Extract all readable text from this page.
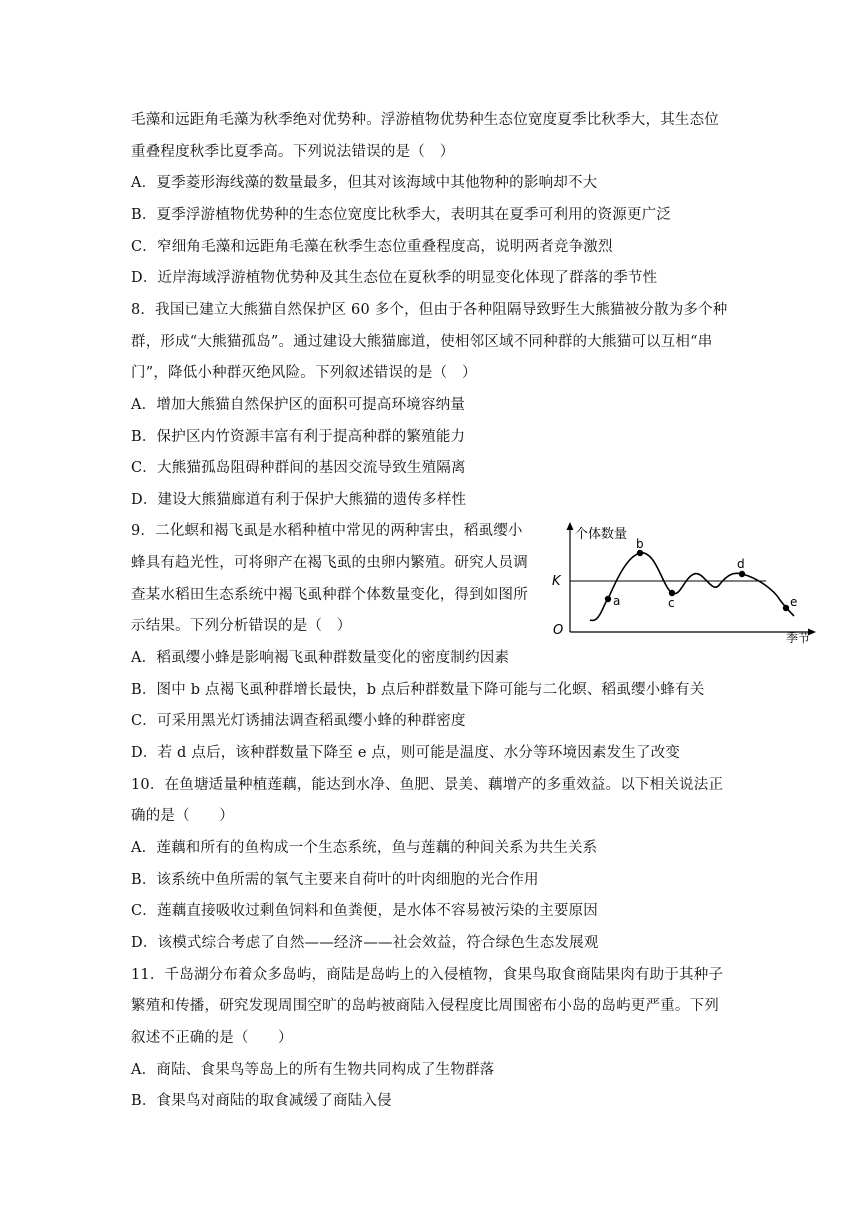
毛藻和远距角毛藻为秋季绝对优势种。浮游植物优势种生态位宽度夏季比秋季大，其生态位
重叠程度秋季比夏季高。下列说法错误的是（　）
A．夏季菱形海线藻的数量最多，但其对该海域中其他物种的影响却不大
B．夏季浮游植物优势种的生态位宽度比秋季大，表明其在夏季可利用的资源更广泛
C．窄细角毛藻和远距角毛藻在秋季生态位重叠程度高，说明两者竞争激烈
D．近岸海域浮游植物优势种及其生态位在夏秋季的明显变化体现了群落的季节性
8．我国已建立大熊猫自然保护区 60 多个，但由于各种阻隔导致野生大熊猫被分散为多个种
群，形成“大熊猫孤岛”。通过建设大熊猫廊道，使相邻区域不同种群的大熊猫可以互相“串
门”，降低小种群灭绝风险。下列叙述错误的是（　）
A．增加大熊猫自然保护区的面积可提高环境容纳量
B．保护区内竹资源丰富有利于提高种群的繁殖能力
C．大熊猫孤岛阻碍种群间的基因交流导致生殖隔离
D．建设大熊猫廊道有利于保护大熊猫的遗传多样性
9．二化螟和褐飞虱是水稻种植中常见的两种害虫，稻虱缨小
蜂具有趋光性，可将卵产在褐飞虱的虫卵内繁殖。研究人员调
查某水稻田生态系统中褐飞虱种群个体数量变化，得到如图所
示结果。下列分析错误的是（　）
A．稻虱缨小蜂是影响褐飞虱种群数量变化的密度制约因素
B．图中 b 点褐飞虱种群增长最快，b 点后种群数量下降可能与二化螟、稻虱缨小蜂有关
C．可采用黑光灯诱捕法调查稻虱缨小蜂的种群密度
D．若 d 点后，该种群数量下降至 e 点，则可能是温度、水分等环境因素发生了改变
10．在鱼塘适量种植莲藕，能达到水净、鱼肥、景美、藕增产的多重效益。以下相关说法正
确的是（　　）
A．莲藕和所有的鱼构成一个生态系统，鱼与莲藕的种间关系为共生关系
B．该系统中鱼所需的氧气主要来自荷叶的叶肉细胞的光合作用
C．莲藕直接吸收过剩鱼饲料和鱼粪便，是水体不容易被污染的主要原因
D．该模式综合考虑了自然——经济——社会效益，符合绿色生态发展观
11．千岛湖分布着众多岛屿，商陆是岛屿上的入侵植物，食果鸟取食商陆果肉有助于其种子
繁殖和传播，研究发现周围空旷的岛屿被商陆入侵程度比周围密布小岛的岛屿更严重。下列
叙述不正确的是（　　）
A．商陆、食果鸟等岛上的所有生物共同构成了生物群落
B．食果鸟对商陆的取食减缓了商陆入侵
个体数量
季节
O
K
a
b
c
d
e
